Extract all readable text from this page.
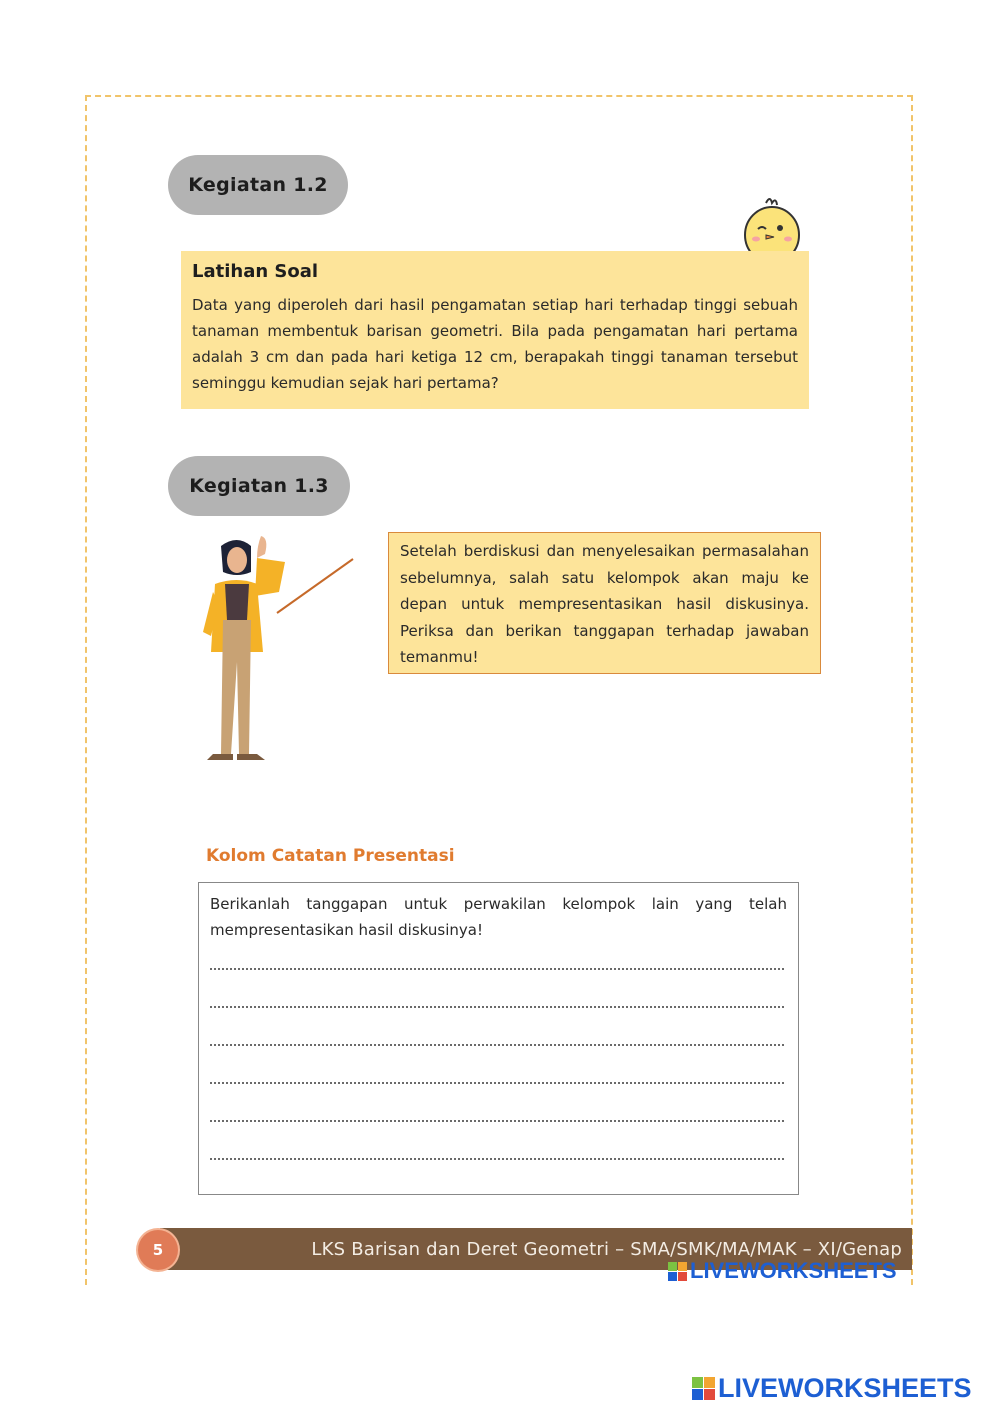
Kegiatan 1.2
Latihan Soal

Data yang diperoleh dari hasil pengamatan setiap hari terhadap tinggi sebuah tanaman membentuk barisan geometri. Bila pada pengamatan hari pertama adalah 3 cm dan pada hari ketiga 12 cm, berapakah tinggi tanaman tersebut seminggu kemudian sejak hari pertama?

Kegiatan 1.3

Setelah berdiskusi dan menyelesaikan permasalahan sebelumnya, salah satu kelompok akan maju ke depan untuk mempresentasikan hasil diskusinya. Periksa dan berikan tanggapan terhadap jawaban temanmu!

Kolom Catatan Presentasi

Berikanlah tanggapan untuk perwakilan kelompok lain yang telah mempresentasikan hasil diskusinya!

LKS Barisan dan Deret Geometri – SMA/SMK/MA/MAK – XI/Genap
5
LIVEWORKSHEETS
LIVEWORKSHEETS
